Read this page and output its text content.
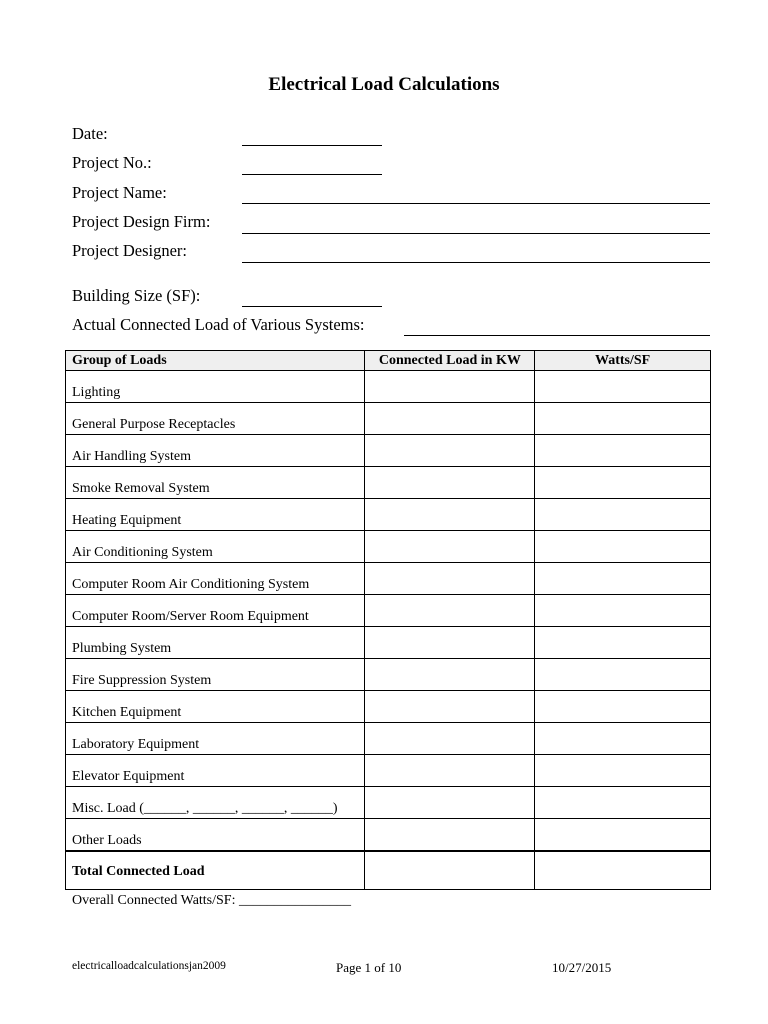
Electrical Load Calculations
Date:
Project No.:
Project Name:
Project Design Firm:
Project Designer:
Building Size (SF):
Actual Connected Load of Various Systems:
Group of Loads	Connected Load in KW	Watts/SF
Lighting		
General Purpose Receptacles		
Air Handling System		
Smoke Removal System		
Heating Equipment		
Air Conditioning System		
Computer Room Air Conditioning System		
Computer Room/Server Room Equipment		
Plumbing System		
Fire Suppression System		
Kitchen Equipment		
Laboratory Equipment		
Elevator Equipment		
Misc. Load (______, ______, ______, ______)		
Other Loads		
Total Connected Load		
Overall Connected Watts/SF: ________________
electricalloadcalculationsjan2009	Page 1 of 10	10/27/2015
